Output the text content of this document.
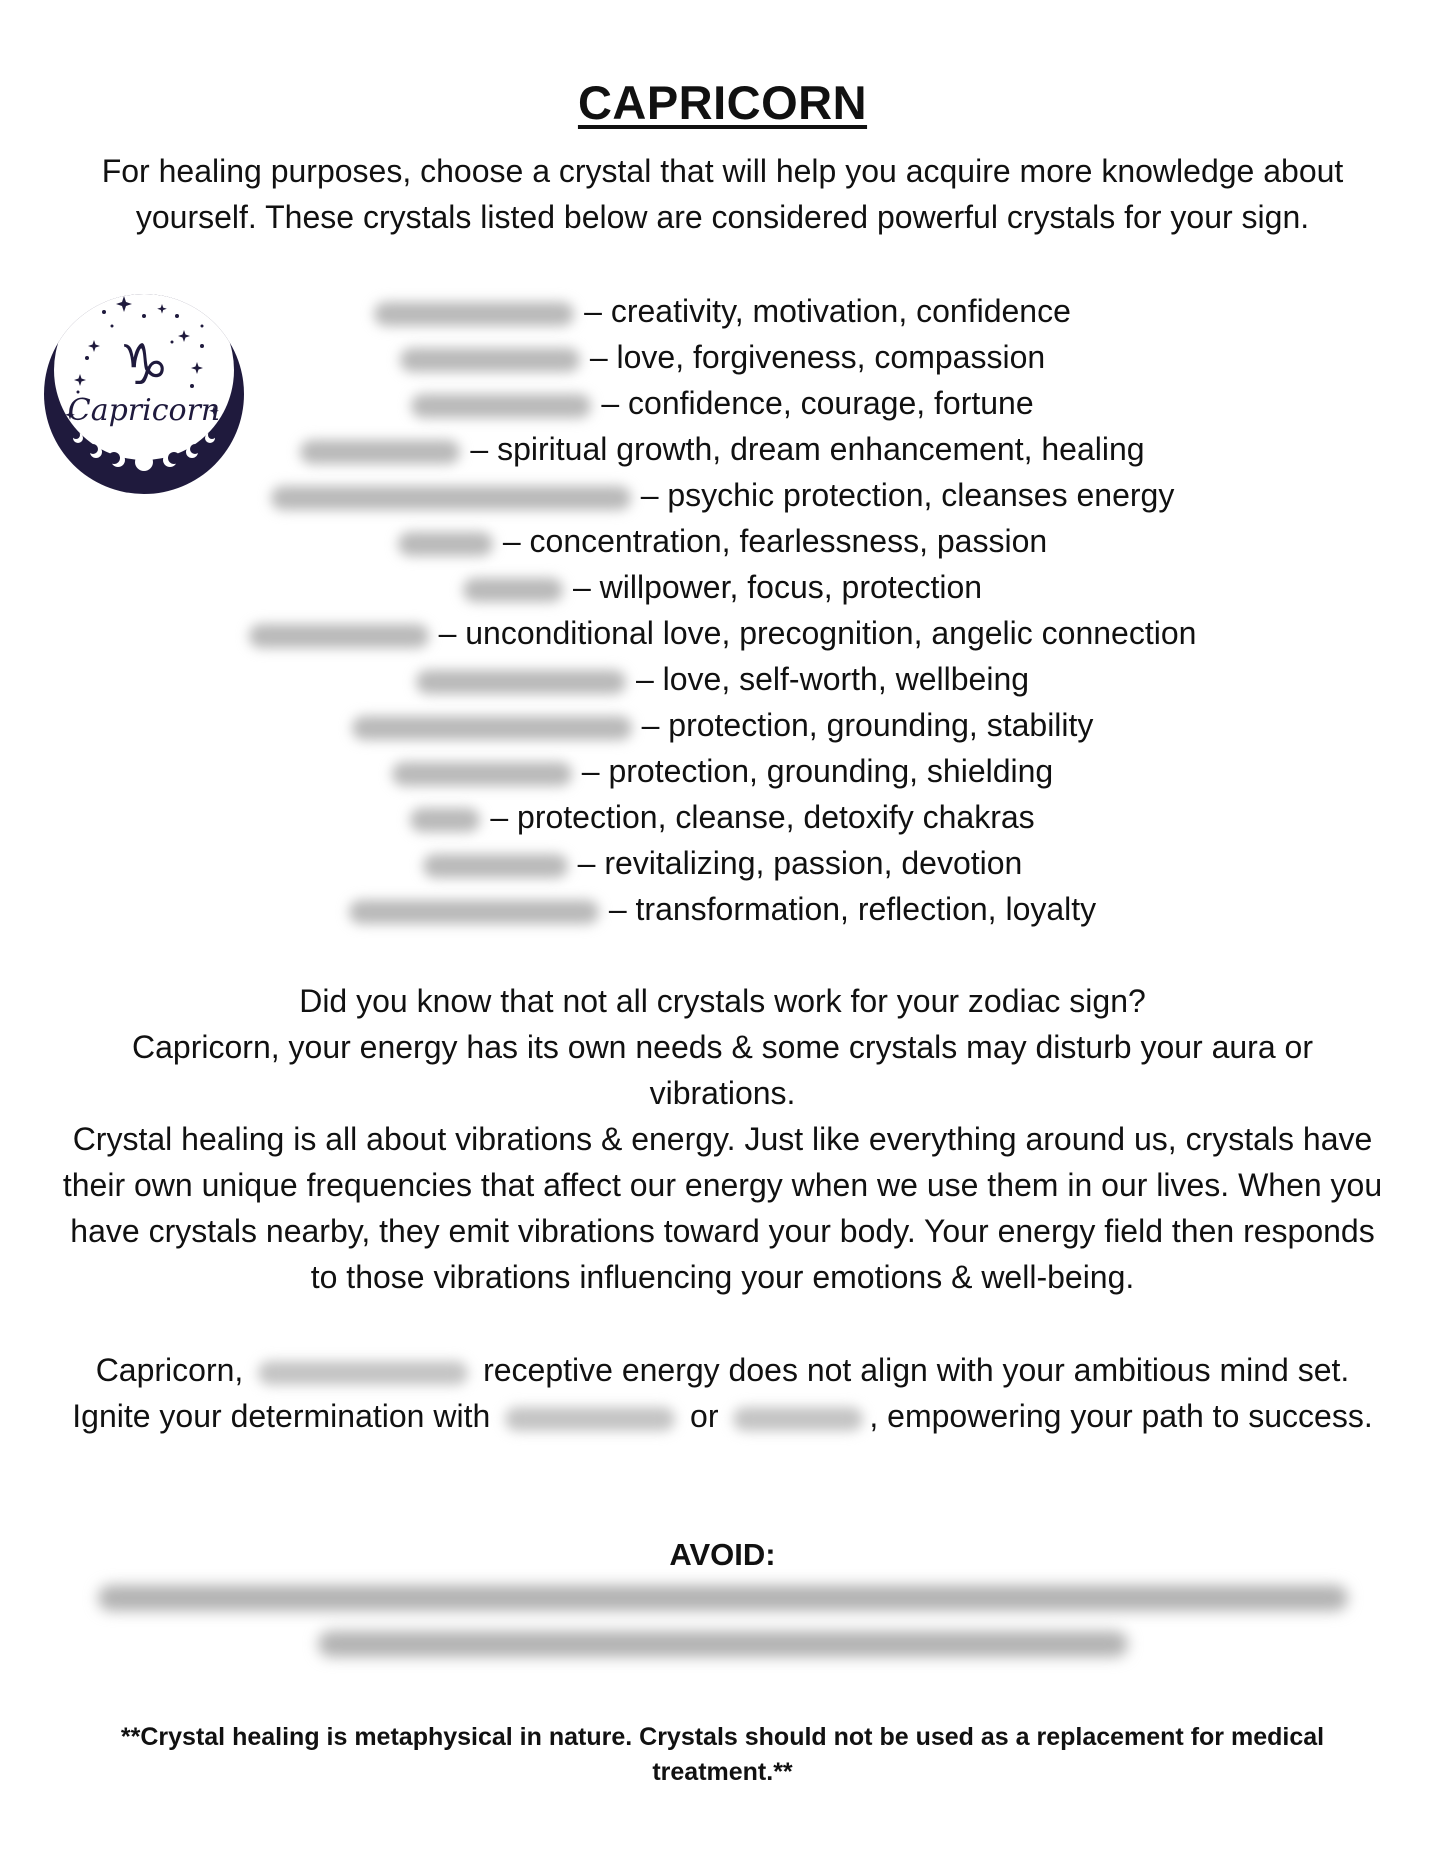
CAPRICORN

For healing purposes, choose a crystal that will help you acquire more knowledge about yourself. These crystals listed below are considered powerful crystals for your sign.

♑
Capricorn
– creativity, motivation, confidence
– love, forgiveness, compassion
– confidence, courage, fortune
– spiritual growth, dream enhancement, healing
– psychic protection, cleanses energy
– concentration, fearlessness, passion
– willpower, focus, protection
– unconditional love, precognition, angelic connection
– love, self-worth, wellbeing
– protection, grounding, stability
– protection, grounding, shielding
– protection, cleanse, detoxify chakras
– revitalizing, passion, devotion
– transformation, reflection, loyalty

Did you know that not all crystals work for your zodiac sign?

Capricorn, your energy has its own needs & some crystals may disturb your aura or vibrations.

Crystal healing is all about vibrations & energy. Just like everything around us, crystals have their own unique frequencies that affect our energy when we use them in our lives. When you have crystals nearby, they emit vibrations toward your body. Your energy field then responds to those vibrations influencing your emotions & well-being.

Capricorn,	receptive energy does not align with your ambitious mind set. Ignite your determination with	or	, empowering your path to success.

AVOID:

**Crystal healing is metaphysical in nature. Crystals should not be used as a replacement for medical treatment.**
